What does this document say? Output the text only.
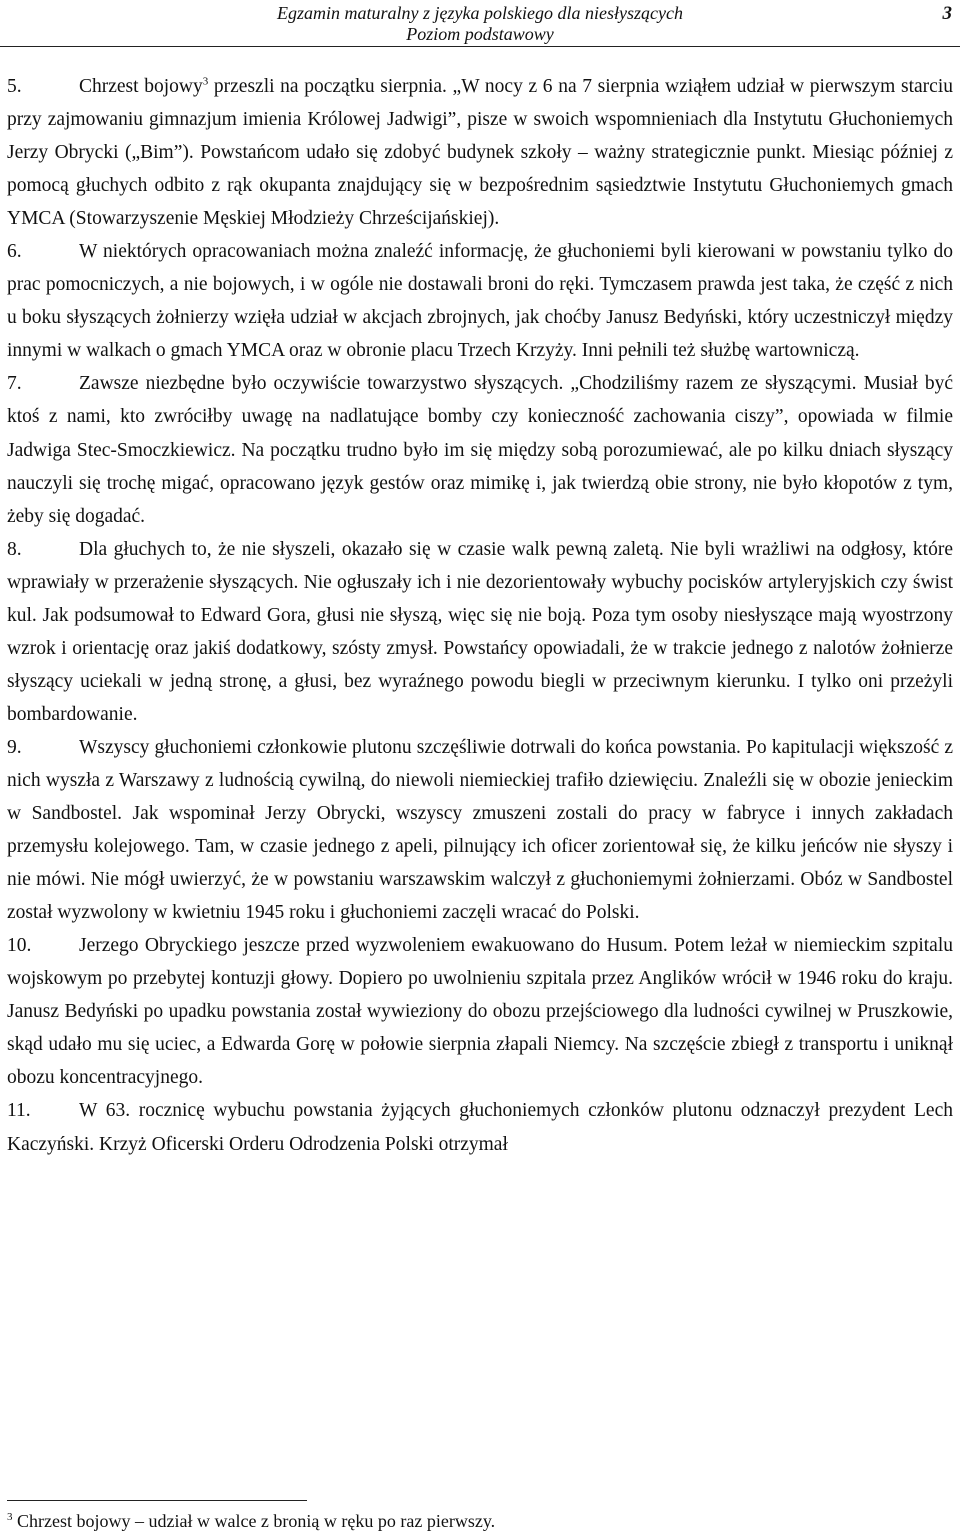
Egzamin maturalny z języka polskiego dla niesłyszących
Poziom podstawowy
3

5.	Chrzest bojowy$^3$ przeszli na początku sierpnia. „W nocy z 6 na 7 sierpnia wziąłem udział w pierwszym starciu przy zajmowaniu gimnazjum imienia Królowej Jadwigi”, pisze w swoich wspomnieniach dla Instytutu Głuchoniemych Jerzy Obrycki („Bim”). Powstańcom udało się zdobyć budynek szkoły – ważny strategicznie punkt. Miesiąc później z pomocą głuchych odbito z rąk okupanta znajdujący się w bezpośrednim sąsiedztwie Instytutu Głuchoniemych gmach YMCA (Stowarzyszenie Męskiej Młodzieży Chrześcijańskiej).

6.	W niektórych opracowaniach można znaleźć informację, że głuchoniemi byli kierowani w powstaniu tylko do prac pomocniczych, a nie bojowych, i w ogóle nie dostawali broni do ręki. Tymczasem prawda jest taka, że część z nich u boku słyszących żołnierzy wzięła udział w akcjach zbrojnych, jak choćby Janusz Bedyński, który uczestniczył między innymi w walkach o gmach YMCA oraz w obronie placu Trzech Krzyży. Inni pełnili też służbę wartowniczą.

7.	Zawsze niezbędne było oczywiście towarzystwo słyszących. „Chodziliśmy razem ze słyszącymi. Musiał być ktoś z nami, kto zwróciłby uwagę na nadlatujące bomby czy konieczność zachowania ciszy”, opowiada w filmie Jadwiga Stec-Smoczkiewicz. Na początku trudno było im się między sobą porozumiewać, ale po kilku dniach słyszący nauczyli się trochę migać, opracowano język gestów oraz mimikę i, jak twierdzą obie strony, nie było kłopotów z tym, żeby się dogadać.

8.	Dla głuchych to, że nie słyszeli, okazało się w czasie walk pewną zaletą. Nie byli wrażliwi na odgłosy, które wprawiały w przerażenie słyszących. Nie ogłuszały ich i nie dezorientowały wybuchy pocisków artyleryjskich czy świst kul. Jak podsumował to Edward Gora, głusi nie słyszą, więc się nie boją. Poza tym osoby niesłyszące mają wyostrzony wzrok i orientację oraz jakiś dodatkowy, szósty zmysł. Powstańcy opowiadali, że w trakcie jednego z nalotów żołnierze słyszący uciekali w jedną stronę, a głusi, bez wyraźnego powodu biegli w przeciwnym kierunku. I tylko oni przeżyli bombardowanie.

9.	Wszyscy głuchoniemi członkowie plutonu szczęśliwie dotrwali do końca powstania. Po kapitulacji większość z nich wyszła z Warszawy z ludnością cywilną, do niewoli niemieckiej trafiło dziewięciu. Znaleźli się w obozie jenieckim w Sandbostel. Jak wspominał Jerzy Obrycki, wszyscy zmuszeni zostali do pracy w fabryce i innych zakładach przemysłu kolejowego. Tam, w czasie jednego z apeli, pilnujący ich oficer zorientował się, że kilku jeńców nie słyszy i nie mówi. Nie mógł uwierzyć, że w powstaniu warszawskim walczył z głuchoniemymi żołnierzami. Obóz w Sandbostel został wyzwolony w kwietniu 1945 roku i głuchoniemi zaczęli wracać do Polski.

10. Jerzego Obryckiego jeszcze przed wyzwoleniem ewakuowano do Husum. Potem leżał w niemieckim szpitalu wojskowym po przebytej kontuzji głowy. Dopiero po uwolnieniu szpitala przez Anglików wrócił w 1946 roku do kraju. Janusz Bedyński po upadku powstania został wywieziony do obozu przejściowego dla ludności cywilnej w Pruszkowie, skąd udało mu się uciec, a Edwarda Gorę w połowie sierpnia złapali Niemcy. Na szczęście zbiegł z transportu i uniknął obozu koncentracyjnego.

11. W 63. rocznicę wybuchu powstania żyjących głuchoniemych członków plutonu odznaczył prezydent Lech Kaczyński. Krzyż Oficerski Orderu Odrodzenia Polski otrzymał

$^3$ Chrzest bojowy – udział w walce z bronią w ręku po raz pierwszy.
